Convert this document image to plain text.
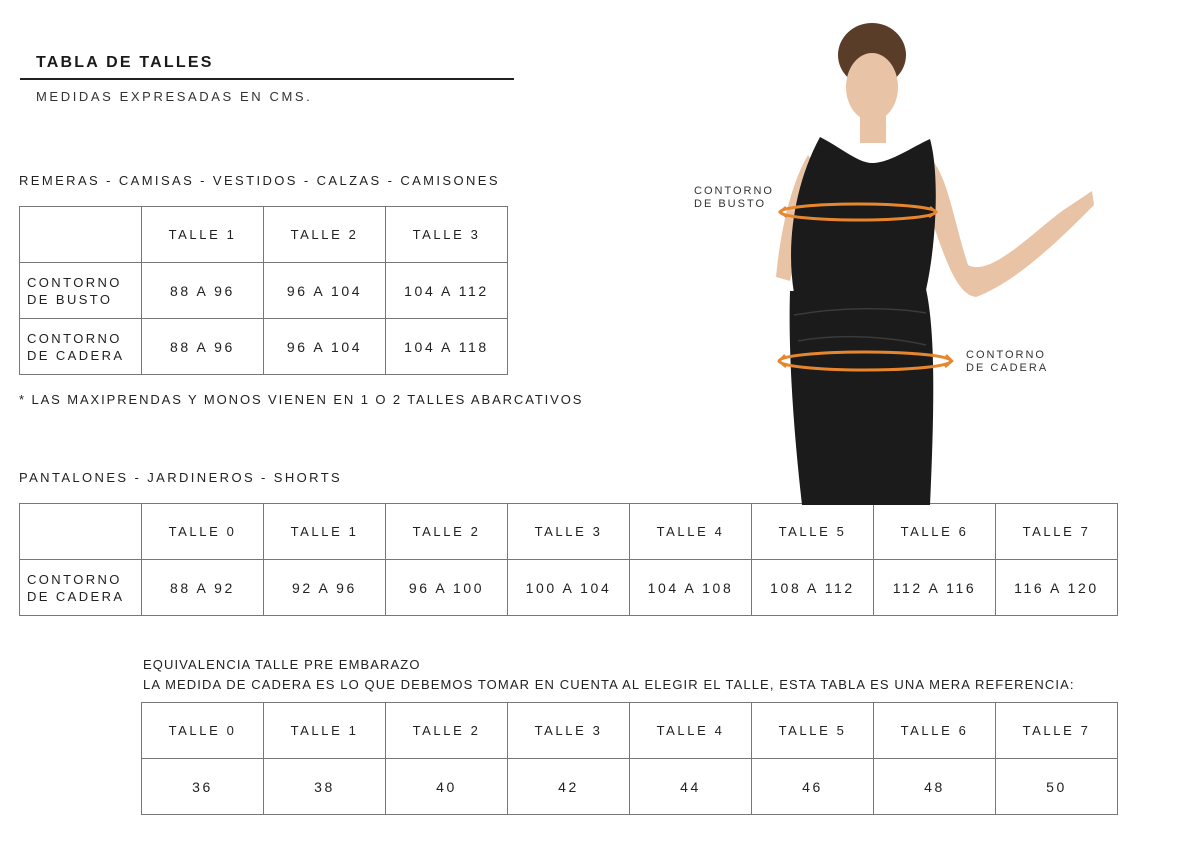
TABLA DE TALLES
MEDIDAS EXPRESADAS EN CMS.
REMERAS - CAMISAS - VESTIDOS - CALZAS - CAMISONES
	TALLE 1	TALLE 2	TALLE 3
CONTORNO
DE BUSTO	88 A 96	96 A 104	104 A 112
CONTORNO
DE CADERA	88 A 96	96 A 104	104 A 118
* LAS MAXIPRENDAS Y MONOS VIENEN EN 1 O 2 TALLES ABARCATIVOS
PANTALONES - JARDINEROS - SHORTS
	TALLE 0	TALLE 1	TALLE 2	TALLE 3	TALLE 4	TALLE 5	TALLE 6	TALLE 7
CONTORNO
DE CADERA	88 A 92	92 A 96	96 A 100	100 A 104	104 A 108	108 A 112	112 A 116	116 A 120
EQUIVALENCIA TALLE PRE EMBARAZO
LA MEDIDA DE CADERA ES LO QUE DEBEMOS TOMAR EN CUENTA AL ELEGIR EL TALLE, ESTA TABLA ES UNA MERA REFERENCIA:
TALLE 0	TALLE 1	TALLE 2	TALLE 3	TALLE 4	TALLE 5	TALLE 6	TALLE 7
36	38	40	42	44	46	48	50
CONTORNO
DE BUSTO
CONTORNO
DE CADERA
